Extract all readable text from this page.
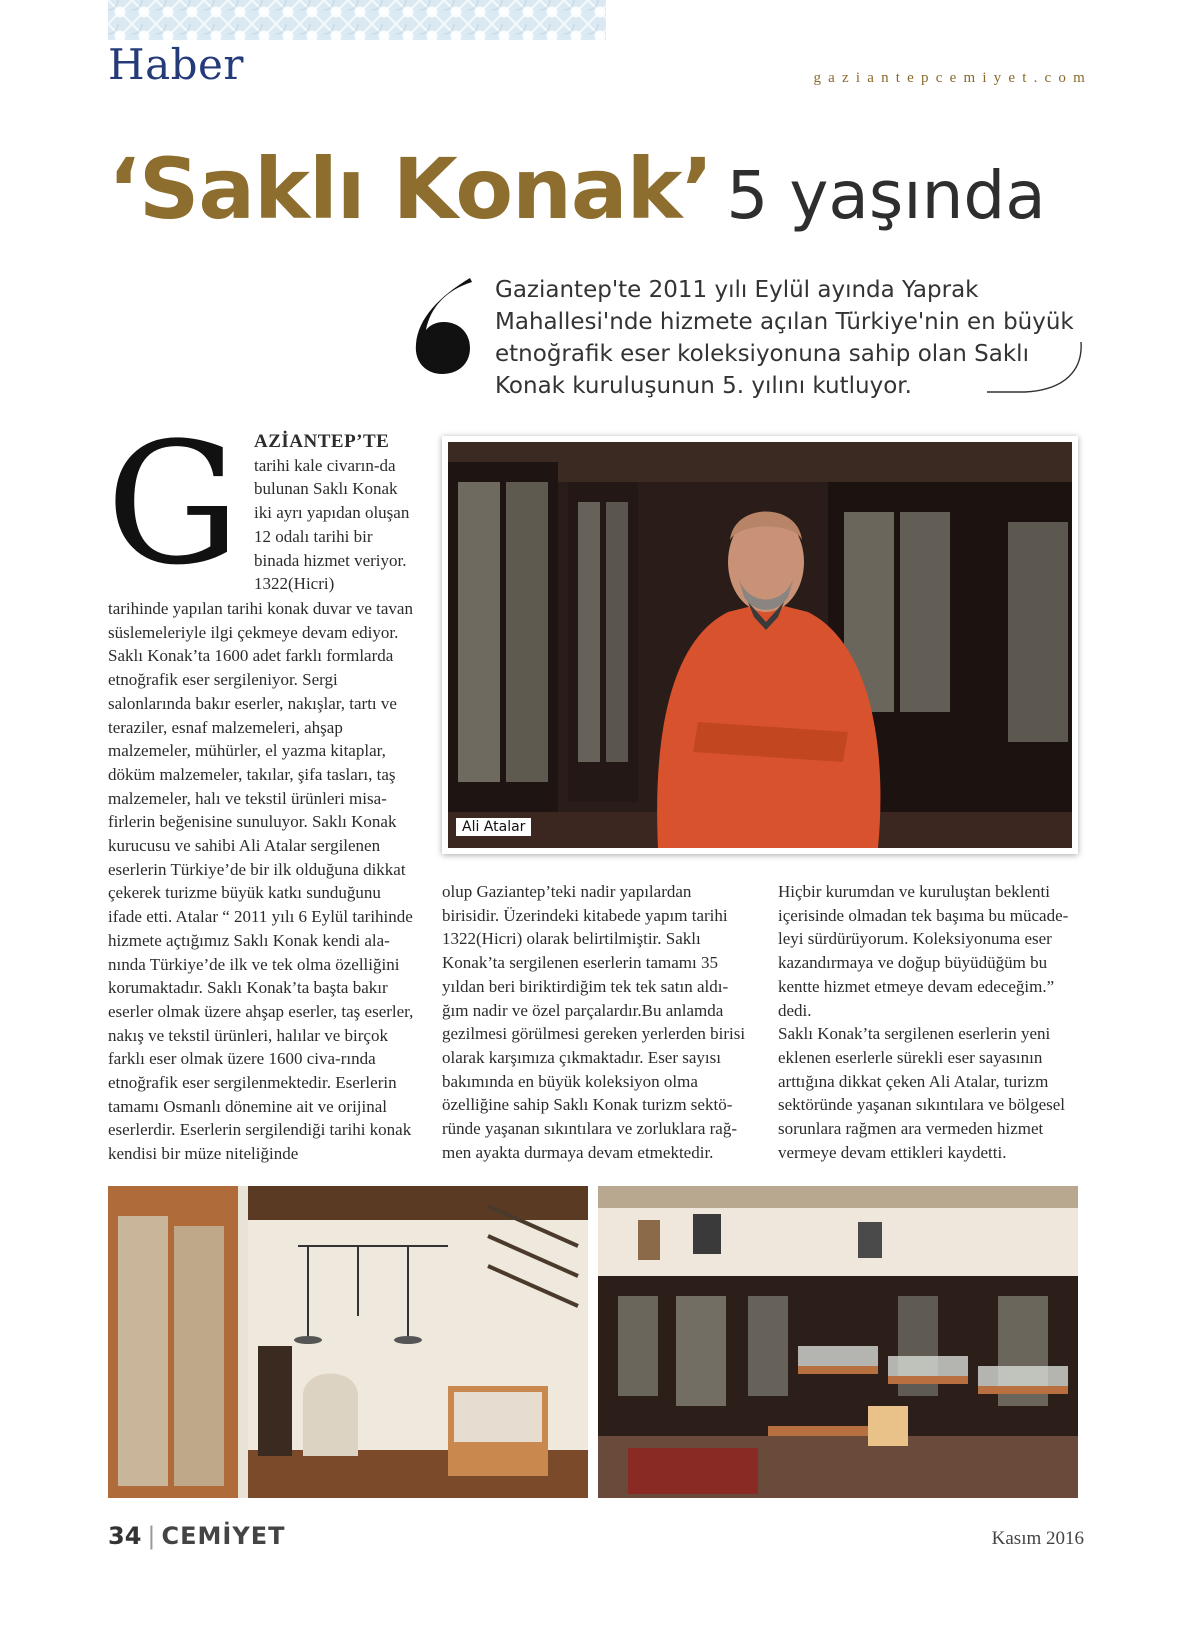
Haber	gaziantepcemiyet.com
‘Saklı Konak’ 5 yaşında
Gaziantep'te 2011 yılı Eylül ayında Yaprak Mahallesi'nde hizmete açılan Türkiye'nin en büyük etnoğrafik eser koleksiyonuna sahip olan Saklı Konak kuruluşunun 5. yılını kutluyor.
Ali Atalar
G AZİANTEP’TE

tarihi kale civarın-da bulunan Saklı Konak iki ayrı yapıdan oluşan 12 odalı tarihi bir binada hizmet veriyor. 1322(Hicri)

tarihinde yapılan tarihi konak duvar ve tavan süslemeleriyle ilgi çekmeye devam ediyor. Saklı Konak’ta 1600 adet farklı formlarda etnoğrafik eser sergileniyor. Sergi salonlarında bakır eserler, nakışlar, tartı ve teraziler, esnaf malzemeleri, ahşap malzemeler, mühürler, el yazma kitaplar, döküm malzemeler, takılar, şifa tasları, taş malzemeler, halı ve tekstil ürünleri misa-firlerin beğenisine sunuluyor. Saklı Konak kurucusu ve sahibi Ali Atalar sergilenen eserlerin Türkiye’de bir ilk olduğuna dikkat çekerek turizme büyük katkı sunduğunu ifade etti. Atalar “ 2011 yılı 6 Eylül tarihinde hizmete açtığımız Saklı Konak kendi ala-nında Türkiye’de ilk ve tek olma özelliğini korumaktadır. Saklı Konak’ta başta bakır eserler olmak üzere ahşap eserler, taş eserler, nakış ve tekstil ürünleri, halılar ve birçok farklı eser olmak üzere 1600 civa-rında etnoğrafik eser sergilenmektedir. Eserlerin tamamı Osmanlı dönemine ait ve orijinal eserlerdir. Eserlerin sergilendiği tarihi konak kendisi bir müze niteliğinde

olup Gaziantep’teki nadir yapılardan birisidir. Üzerindeki kitabede yapım tarihi 1322(Hicri) olarak belirtilmiştir. Saklı Konak’ta sergilenen eserlerin tamamı 35 yıldan beri biriktirdiğim tek tek satın aldı-ğım nadir ve özel parçalardır.Bu anlamda gezilmesi görülmesi gereken yerlerden birisi olarak karşımıza çıkmaktadır. Eser sayısı bakımında en büyük koleksiyon olma özelliğine sahip Saklı Konak turizm sektö-ründe yaşanan sıkıntılara ve zorluklara rağ-men ayakta durmaya devam etmektedir.

Hiçbir kurumdan ve kuruluştan beklenti içerisinde olmadan tek başıma bu mücade-leyi sürdürüyorum. Koleksiyonuma eser kazandırmaya ve doğup büyüdüğüm bu kentte hizmet etmeye devam edeceğim.” dedi.

Saklı Konak’ta sergilenen eserlerin yeni eklenen eserlerle sürekli eser sayasının arttığına dikkat çeken Ali Atalar, turizm sektöründe yaşanan sıkıntılara ve bölgesel sorunlara rağmen ara vermeden hizmet vermeye devam ettikleri kaydetti.

34 | CEMİYET	Kasım 2016
